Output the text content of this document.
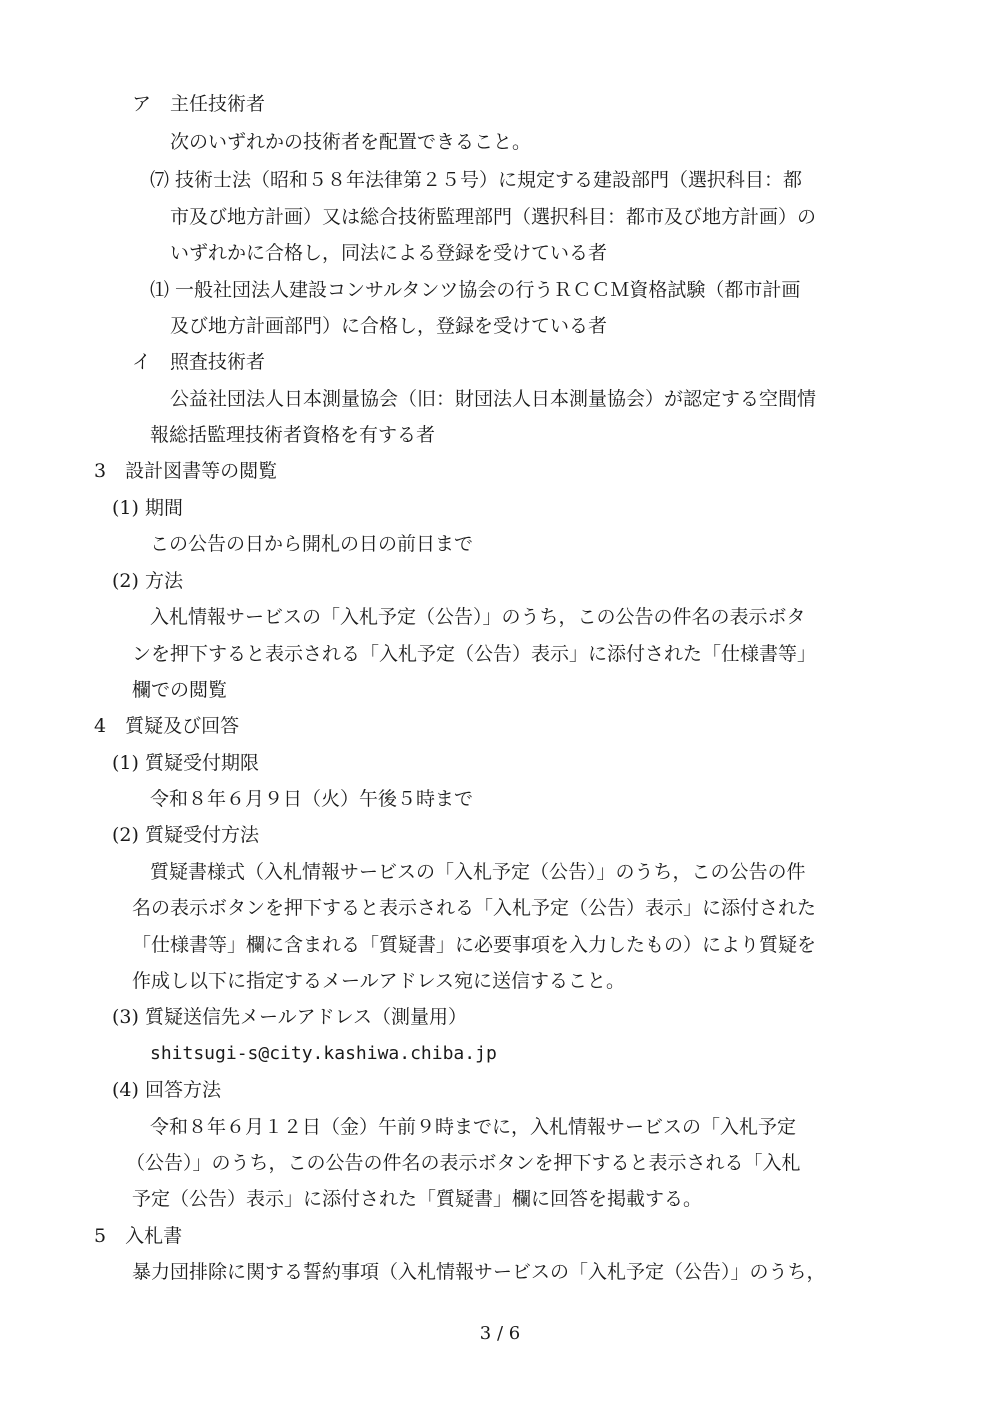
ア　主任技術者
次のいずれかの技術者を配置できること。
⑺ 技術士法（昭和５８年法律第２５号）に規定する建設部門（選択科目：都
市及び地方計画）又は総合技術監理部門（選択科目：都市及び地方計画）の
いずれかに合格し，同法による登録を受けている者
⑴ 一般社団法人建設コンサルタンツ協会の行うＲＣＣＭ資格試験（都市計画
及び地方計画部門）に合格し，登録を受けている者
イ　照査技術者
公益社団法人日本測量協会（旧：財団法人日本測量協会）が認定する空間情
報総括監理技術者資格を有する者
3　設計図書等の閲覧
(1) 期間
この公告の日から開札の日の前日まで
(2) 方法
入札情報サービスの「入札予定（公告）」のうち，この公告の件名の表示ボタ
ンを押下すると表示される「入札予定（公告）表示」に添付された「仕様書等」
欄での閲覧
4　質疑及び回答
(1) 質疑受付期限
令和８年６月９日（火）午後５時まで
(2) 質疑受付方法
質疑書様式（入札情報サービスの「入札予定（公告）」のうち，この公告の件
名の表示ボタンを押下すると表示される「入札予定（公告）表示」に添付された
「仕様書等」欄に含まれる「質疑書」に必要事項を入力したもの）により質疑を
作成し以下に指定するメールアドレス宛に送信すること。
(3) 質疑送信先メールアドレス（測量用）
shitsugi-s@city.kashiwa.chiba.jp
(4) 回答方法
令和８年６月１２日（金）午前９時までに，入札情報サービスの「入札予定
（公告）」のうち，この公告の件名の表示ボタンを押下すると表示される「入札
予定（公告）表示」に添付された「質疑書」欄に回答を掲載する。
5　入札書
暴力団排除に関する誓約事項（入札情報サービスの「入札予定（公告）」のうち，
3 / 6
